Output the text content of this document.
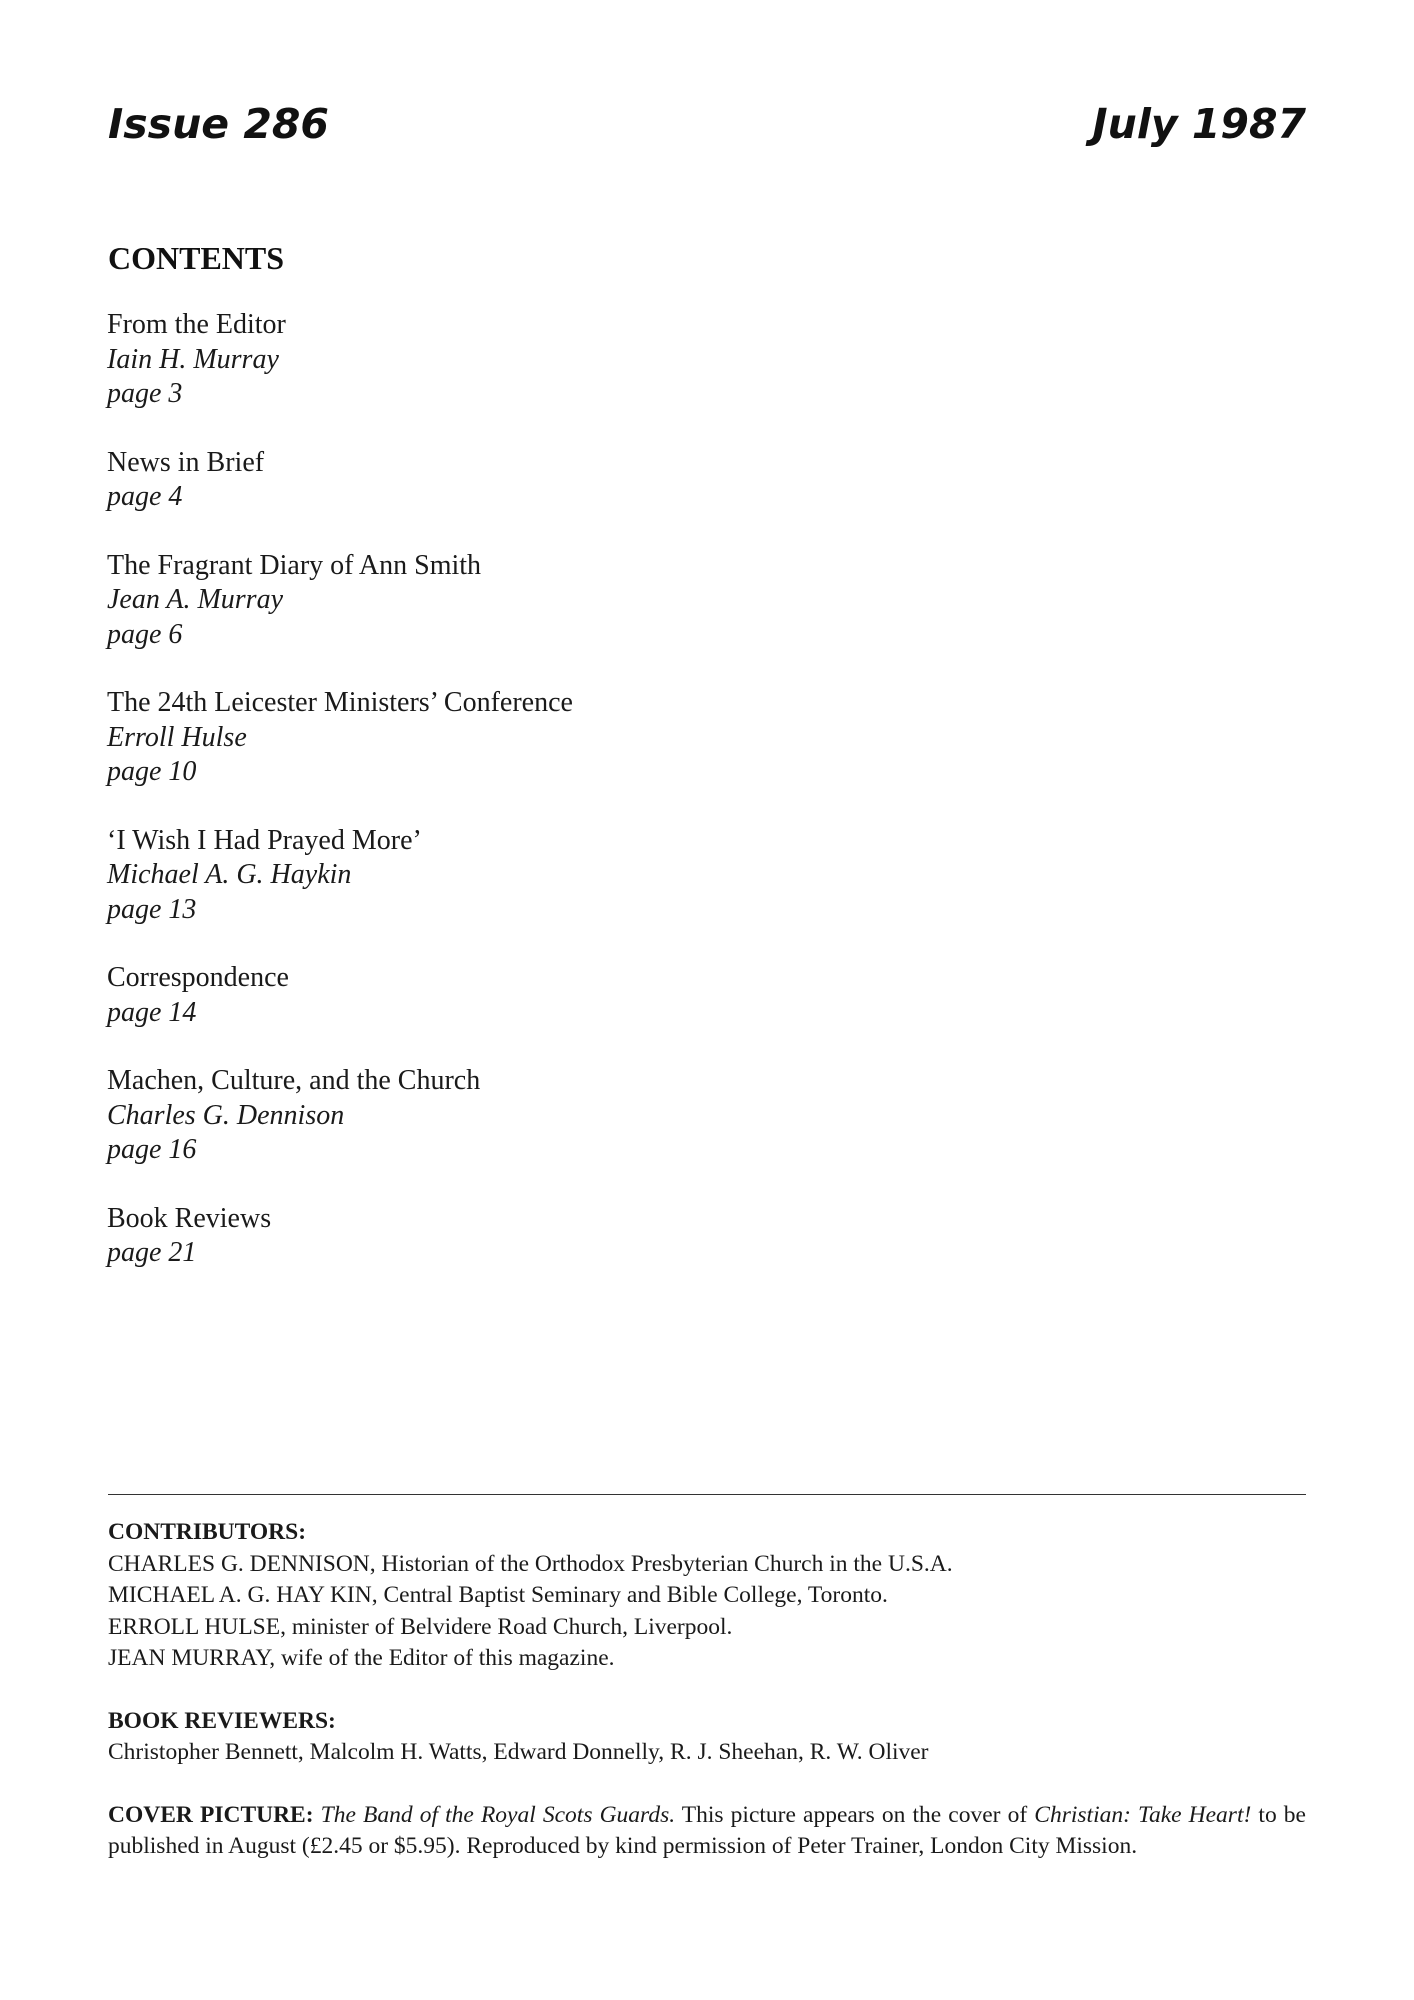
Issue 286	July 1987
CONTENTS
From the Editor
Iain H. Murray
page 3
News in Brief
page 4
The Fragrant Diary of Ann Smith
Jean A. Murray
page 6
The 24th Leicester Ministers’ Conference
Erroll Hulse
page 10
‘I Wish I Had Prayed More’
Michael A. G. Haykin
page 13
Correspondence
page 14
Machen, Culture, and the Church
Charles G. Dennison
page 16
Book Reviews
page 21
CONTRIBUTORS:
CHARLES G. DENNISON, Historian of the Orthodox Presbyterian Church in the U.S.A.
MICHAEL A. G. HAY KIN, Central Baptist Seminary and Bible College, Toronto.
ERROLL HULSE, minister of Belvidere Road Church, Liverpool.
JEAN MURRAY, wife of the Editor of this magazine.
BOOK REVIEWERS:
Christopher Bennett, Malcolm H. Watts, Edward Donnelly, R. J. Sheehan, R. W. Oliver
COVER PICTURE: The Band of the Royal Scots Guards. This picture appears on the cover of Christian: Take Heart! to be published in August (£2.45 or $5.95). Reproduced by kind permission of Peter Trainer, London City Mission.
